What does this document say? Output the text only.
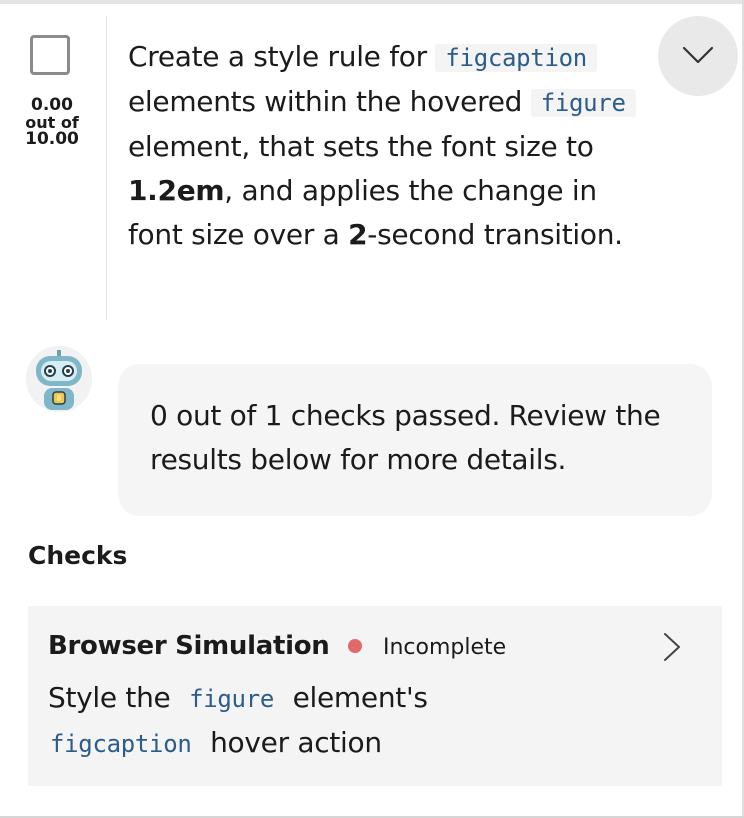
0.00
out of
10.00
Create a style rule for figcaption elements within the hovered figure element, that sets the font size to 1.2em, and applies the change in font size over a 2-second transition.
0 out of 1 checks passed. Review the results below for more details.
Checks
Browser Simulation Incomplete
Style the figure element's
figcaption hover action
